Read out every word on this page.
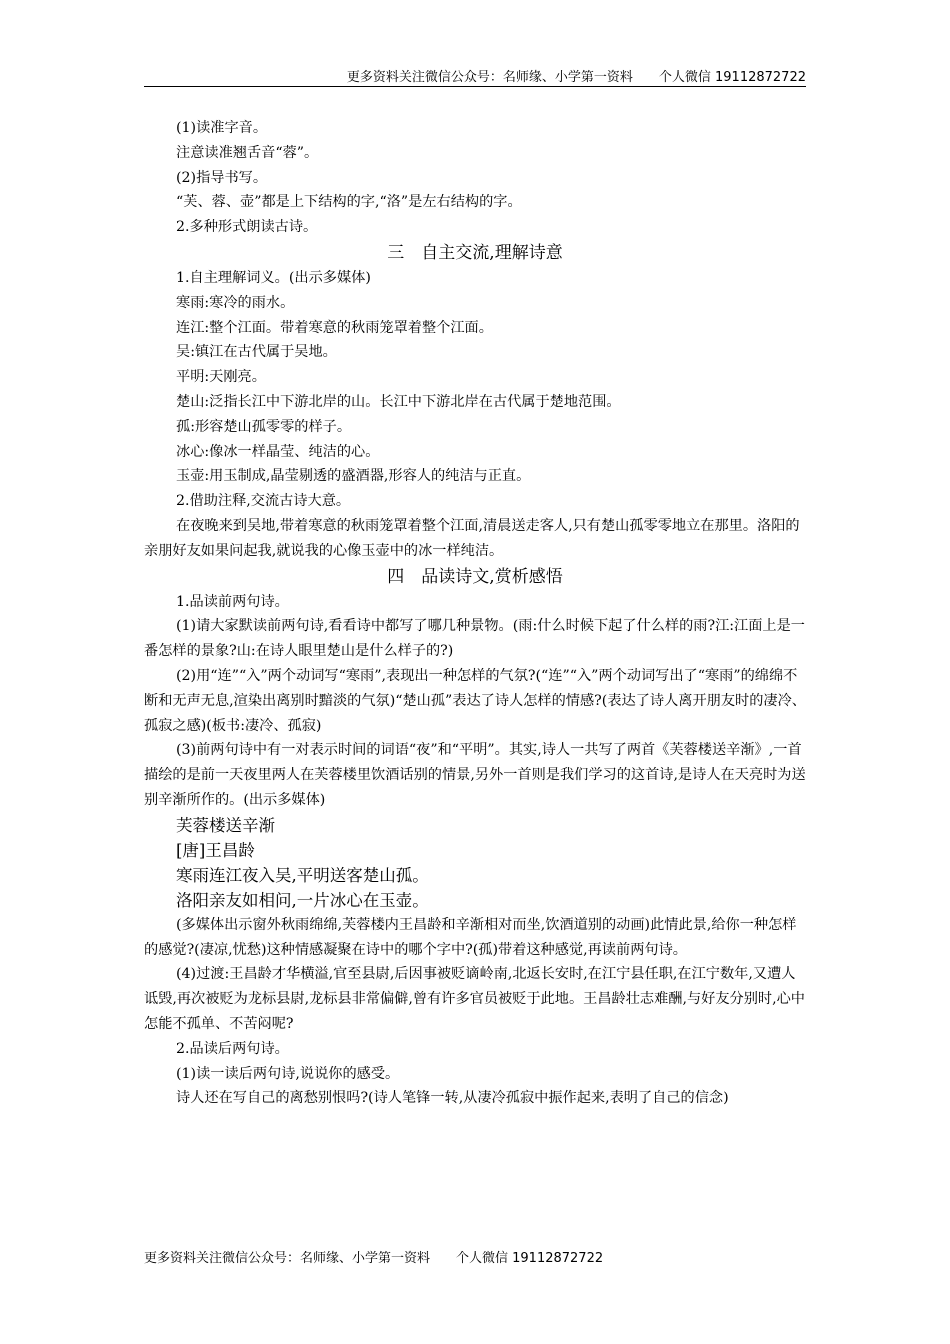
更多资料关注微信公众号：名师缘、小学第一资料　　个人微信 19112872722

(1)读准字音。

注意读准翘舌音“蓉”。

(2)指导书写。

“芙、蓉、壶”都是上下结构的字,“洛”是左右结构的字。

2.多种形式朗读古诗。

三　自主交流,理解诗意

1.自主理解词义。(出示多媒体)

寒雨:寒冷的雨水。

连江:整个江面。带着寒意的秋雨笼罩着整个江面。

吴:镇江在古代属于吴地。

平明:天刚亮。

楚山:泛指长江中下游北岸的山。长江中下游北岸在古代属于楚地范围。

孤:形容楚山孤零零的样子。

冰心:像冰一样晶莹、纯洁的心。

玉壶:用玉制成,晶莹剔透的盛酒器,形容人的纯洁与正直。

2.借助注释,交流古诗大意。

在夜晚来到吴地,带着寒意的秋雨笼罩着整个江面,清晨送走客人,只有楚山孤零零地立在那里。洛阳的亲朋好友如果问起我,就说我的心像玉壶中的冰一样纯洁。

四　品读诗文,赏析感悟

1.品读前两句诗。

(1)请大家默读前两句诗,看看诗中都写了哪几种景物。(雨:什么时候下起了什么样的雨?江:江面上是一番怎样的景象?山:在诗人眼里楚山是什么样子的?)

(2)用“连”“入”两个动词写“寒雨”,表现出一种怎样的气氛?(“连”“入”两个动词写出了“寒雨”的绵绵不断和无声无息,渲染出离别时黯淡的气氛)“楚山孤”表达了诗人怎样的情感?(表达了诗人离开朋友时的凄冷、孤寂之感)(板书:凄冷、孤寂)

(3)前两句诗中有一对表示时间的词语“夜”和“平明”。其实,诗人一共写了两首《芙蓉楼送辛渐》,一首描绘的是前一天夜里两人在芙蓉楼里饮酒话别的情景,另外一首则是我们学习的这首诗,是诗人在天亮时为送别辛渐所作的。(出示多媒体)

芙蓉楼送辛渐

[唐]王昌龄

寒雨连江夜入吴,平明送客楚山孤。

洛阳亲友如相问,一片冰心在玉壶。

(多媒体出示窗外秋雨绵绵,芙蓉楼内王昌龄和辛渐相对而坐,饮酒道别的动画)此情此景,给你一种怎样的感觉?(凄凉,忧愁)这种情感凝聚在诗中的哪个字中?(孤)带着这种感觉,再读前两句诗。

(4)过渡:王昌龄才华横溢,官至县尉,后因事被贬谪岭南,北返长安时,在江宁县任职,在江宁数年,又遭人诋毁,再次被贬为龙标县尉,龙标县非常偏僻,曾有许多官员被贬于此地。王昌龄壮志难酬,与好友分别时,心中怎能不孤单、不苦闷呢?

2.品读后两句诗。

(1)读一读后两句诗,说说你的感受。

诗人还在写自己的离愁别恨吗?(诗人笔锋一转,从凄冷孤寂中振作起来,表明了自己的信念)

更多资料关注微信公众号：名师缘、小学第一资料　　个人微信 19112872722
